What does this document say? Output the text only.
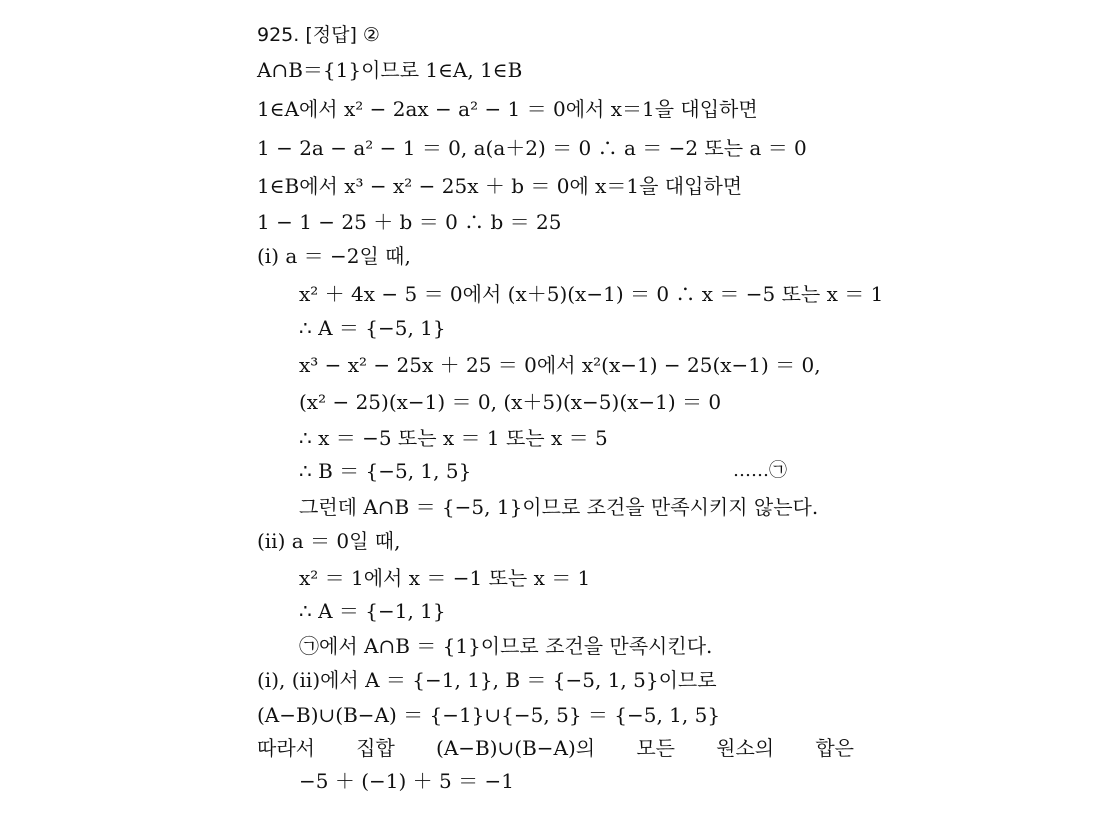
925. [정답] ②
A∩B＝{1}이므로 1∈A, 1∈B
1∈A에서 x² − 2ax − a² − 1 ＝ 0에서 x＝1을 대입하면
1 − 2a − a² − 1 ＝ 0, a(a＋2) ＝ 0 ∴ a ＝ −2 또는 a ＝ 0
1∈B에서 x³ − x² − 25x ＋ b ＝ 0에 x＝1을 대입하면
1 − 1 − 25 ＋ b ＝ 0 ∴ b ＝ 25
(ⅰ) a ＝ −2일 때,
x² ＋ 4x − 5 ＝ 0에서 (x＋5)(x−1) ＝ 0 ∴ x ＝ −5 또는 x ＝ 1
∴ A ＝ {−5, 1}
x³ − x² − 25x ＋ 25 ＝ 0에서 x²(x−1) − 25(x−1) ＝ 0,
(x² − 25)(x−1) ＝ 0, (x＋5)(x−5)(x−1) ＝ 0
∴ x ＝ −5 또는 x ＝ 1 또는 x ＝ 5
∴ B ＝ {−5, 1, 5}	……㉠
그런데 A∩B ＝ {−5, 1}이므로 조건을 만족시키지 않는다.
(ⅱ) a ＝ 0일 때,
x² ＝ 1에서 x ＝ −1 또는 x ＝ 1
∴ A ＝ {−1, 1}
㉠에서 A∩B ＝ {1}이므로 조건을 만족시킨다.
(ⅰ), (ⅱ)에서 A ＝ {−1, 1}, B ＝ {−5, 1, 5}이므로
(A−B)∪(B−A) ＝ {−1}∪{−5, 5} ＝ {−5, 1, 5}
따라서 집합 (A−B)∪(B−A)의 모든 원소의 합은
−5 ＋ (−1) ＋ 5 ＝ −1
